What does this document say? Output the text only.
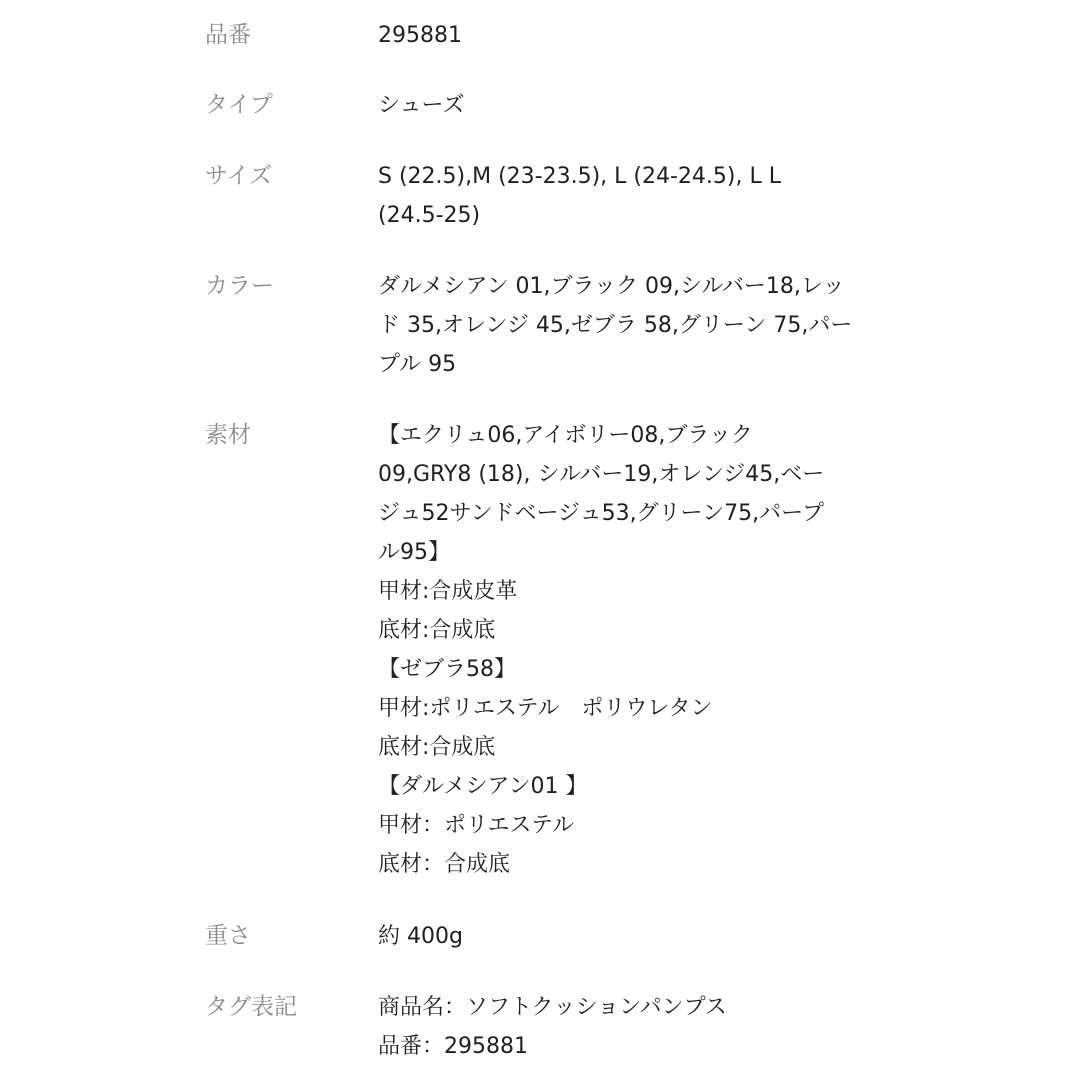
品番	295881
タイプ	シューズ
サイズ	S (22.5),M (23-23.5), L (24-24.5), L L
(24.5-25)
カラー	ダルメシアン 01,ブラック 09,シルバー18,レッ
ド 35,オレンジ 45,ゼブラ 58,グリーン 75,パー
プル 95
素材	【エクリュ06,アイボリー08,ブラック
09,GRY8 (18), シルバー19,オレンジ45,ベー
ジュ52サンドベージュ53,グリーン75,パープ
ル95】
甲材:合成皮革
底材:合成底
【ゼブラ58】
甲材:ポリエステル　ポリウレタン
底材:合成底
【ダルメシアン01 】
甲材：ポリエステル
底材：合成底
重さ	約 400g
タグ表記	商品名：ソフトクッションパンプス
品番：295881
